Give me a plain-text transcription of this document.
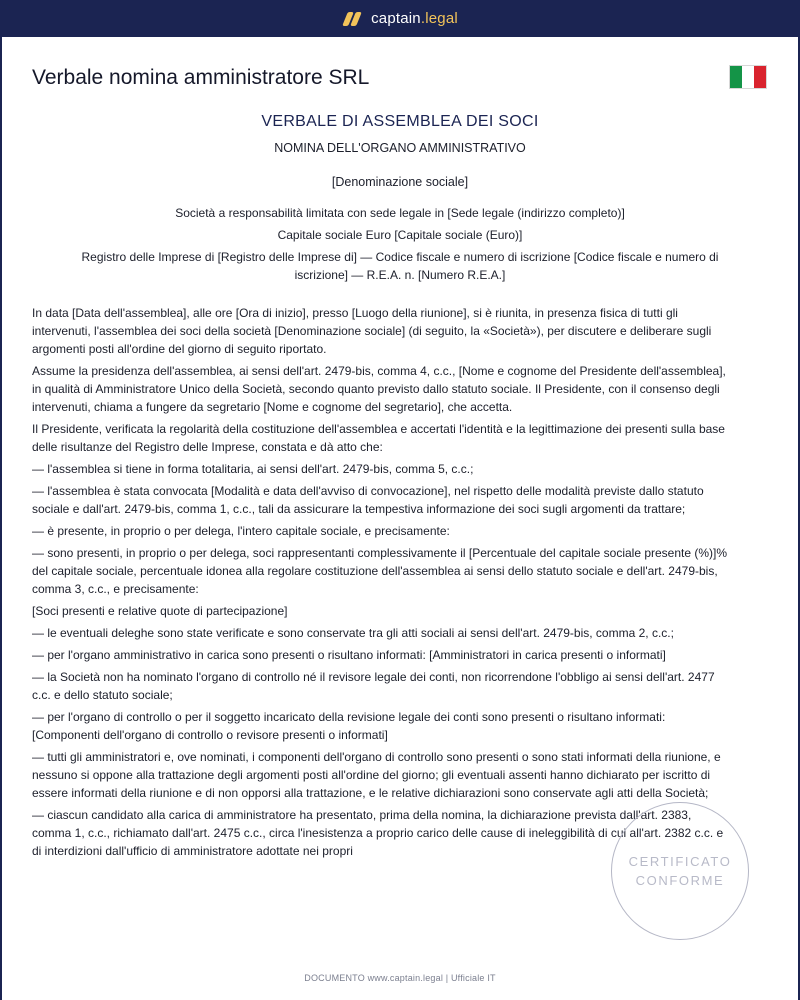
captain .legal
Verbale nomina amministratore SRL
VERBALE DI ASSEMBLEA DEI SOCI
NOMINA DELL'ORGANO AMMINISTRATIVO
[Denominazione sociale]
Società a responsabilità limitata con sede legale in [Sede legale (indirizzo completo)]
Capitale sociale Euro [Capitale sociale (Euro)]
Registro delle Imprese di [Registro delle Imprese di] — Codice fiscale e numero di iscrizione [Codice fiscale e numero di iscrizione] — R.E.A. n. [Numero R.E.A.]

In data [Data dell'assemblea], alle ore [Ora di inizio], presso [Luogo della riunione], si è riunita, in presenza fisica di tutti gli intervenuti, l'assemblea dei soci della società [Denominazione sociale] (di seguito, la «Società»), per discutere e deliberare sugli argomenti posti all'ordine del giorno di seguito riportato.

Assume la presidenza dell'assemblea, ai sensi dell'art. 2479-bis, comma 4, c.c., [Nome e cognome del Presidente dell'assemblea], in qualità di Amministratore Unico della Società, secondo quanto previsto dallo statuto sociale. Il Presidente, con il consenso degli intervenuti, chiama a fungere da segretario [Nome e cognome del segretario], che accetta.

Il Presidente, verificata la regolarità della costituzione dell'assemblea e accertati l'identità e la legittimazione dei presenti sulla base delle risultanze del Registro delle Imprese, constata e dà atto che:

— l'assemblea si tiene in forma totalitaria, ai sensi dell'art. 2479-bis, comma 5, c.c.;

— l'assemblea è stata convocata [Modalità e data dell'avviso di convocazione], nel rispetto delle modalità previste dallo statuto sociale e dall'art. 2479-bis, comma 1, c.c., tali da assicurare la tempestiva informazione dei soci sugli argomenti da trattare;

— è presente, in proprio o per delega, l'intero capitale sociale, e precisamente:

— sono presenti, in proprio o per delega, soci rappresentanti complessivamente il [Percentuale del capitale sociale presente (%)]% del capitale sociale, percentuale idonea alla regolare costituzione dell'assemblea ai sensi dello statuto sociale e dell'art. 2479-bis, comma 3, c.c., e precisamente:

[Soci presenti e relative quote di partecipazione]

— le eventuali deleghe sono state verificate e sono conservate tra gli atti sociali ai sensi dell'art. 2479-bis, comma 2, c.c.;

— per l'organo amministrativo in carica sono presenti o risultano informati: [Amministratori in carica presenti o informati]

— la Società non ha nominato l'organo di controllo né il revisore legale dei conti, non ricorrendone l'obbligo ai sensi dell'art. 2477 c.c. e dello statuto sociale;

— per l'organo di controllo o per il soggetto incaricato della revisione legale dei conti sono presenti o risultano informati: [Componenti dell'organo di controllo o revisore presenti o informati]

— tutti gli amministratori e, ove nominati, i componenti dell'organo di controllo sono presenti o sono stati informati della riunione, e nessuno si oppone alla trattazione degli argomenti posti all'ordine del giorno; gli eventuali assenti hanno dichiarato per iscritto di essere informati della riunione e di non opporsi alla trattazione, e le relative dichiarazioni sono conservate agli atti della Società;

— ciascun candidato alla carica di amministratore ha presentato, prima della nomina, la dichiarazione prevista dall'art. 2383, comma 1, c.c., richiamato dall'art. 2475 c.c., circa l'inesistenza a proprio carico delle cause di ineleggibilità di cui all'art. 2382 c.c. e di interdizioni dall'ufficio di amministratore adottate nei propri

CERTIFICATO
CONFORME
DOCUMENTO www.captain.legal | Ufficiale IT
